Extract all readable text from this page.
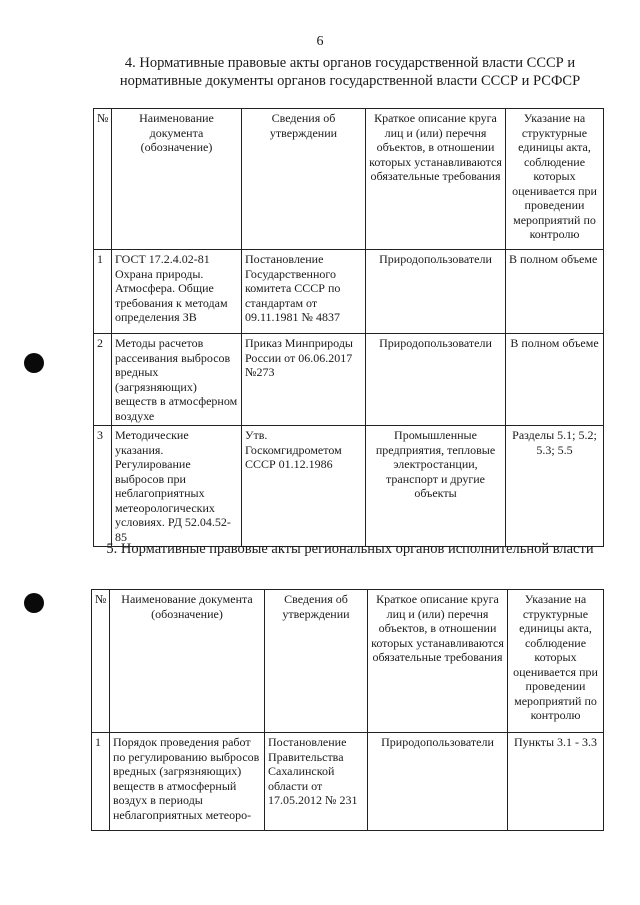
6
4. Нормативные правовые акты органов государственной власти СССР и нормативные документы органов государственной власти СССР и РСФСР
№	Наименование документа (обозначение)	Сведения об утверждении	Краткое описание круга лиц и (или) перечня объектов, в отношении которых устанавливаются обязательные требования	Указание на структурные единицы акта, соблюдение которых оценивается при проведении мероприятий по контролю
1	ГОСТ 17.2.4.02-81 Охрана природы. Атмосфера. Общие требования к методам определения ЗВ	Постановление Государственного комитета СССР по стандартам от 09.11.1981 № 4837	Природопользователи	В полном объеме
2	Методы расчетов рассеивания выбросов вредных (загрязняющих) веществ в атмосферном воздухе	Приказ Минприроды России от 06.06.2017 №273	Природопользователи	В полном объеме
3	Методические указания. Регулирование выбросов при неблагоприятных метеорологических условиях. РД 52.04.52-85	Утв. Госкомгидрометом СССР 01.12.1986	Промышленные предприятия, тепловые электростанции, транспорт и другие объекты	Разделы 5.1; 5.2; 5.3; 5.5
5. Нормативные правовые акты региональных органов исполнительной власти
№	Наименование документа (обозначение)	Сведения об утверждении	Краткое описание круга лиц и (или) перечня объектов, в отношении которых устанавливаются обязательные требования	Указание на структурные единицы акта, соблюдение которых оценивается при проведении мероприятий по контролю
1	Порядок проведения работ по регулированию выбросов вредных (загрязняющих) веществ в атмосферный воздух в периоды неблагоприятных метеоро-	Постановление Правительства Сахалинской области от 17.05.2012 № 231	Природопользователи	Пункты 3.1 - 3.3
